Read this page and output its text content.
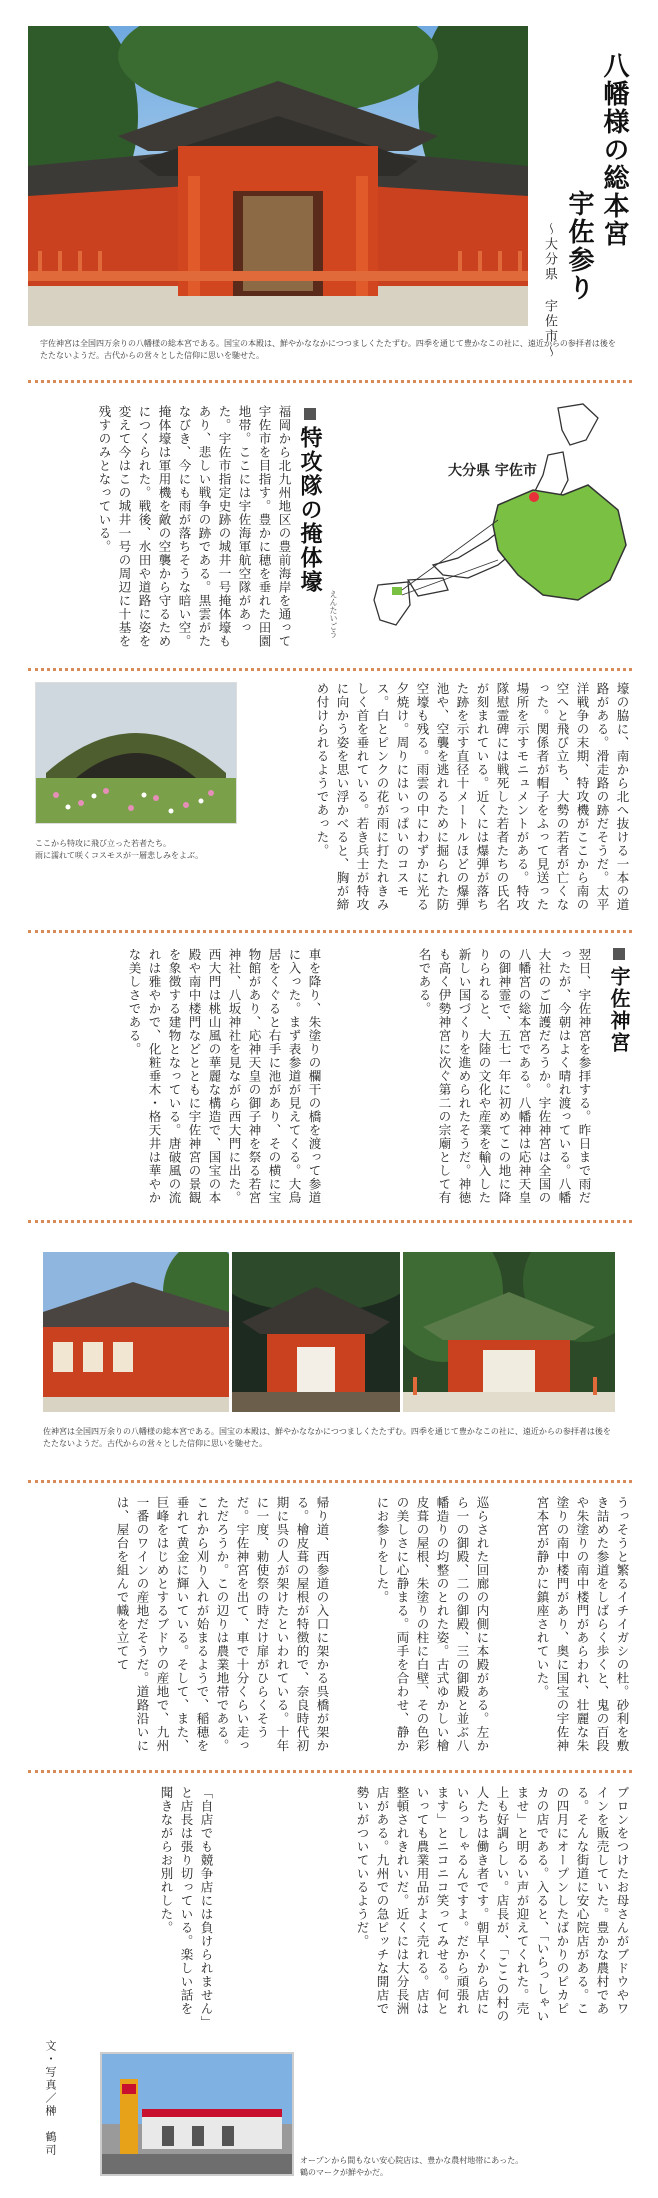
八幡様の総本宮
宇佐参り
〜大分県 宇佐市〜
宇佐神宮は全国四万余りの八幡様の総本宮である。国宝の本殿は、鮮やかななかにつつましくたたずむ。四季を通じて豊かなこの社に、遠近からの参拝者は後をたたないようだ。古代からの営々とした信仰に思いを馳せた。
大分県 宇佐市
特攻隊の掩体壕
えんたいごう
福岡から北九州地区の豊前海岸を通って宇佐市を目指す。豊かに穂を垂れた田園地帯。ここには宇佐海軍航空隊があった。宇佐市指定史跡の城井一号掩体壕もあり、悲しい戦争の跡である。黒雲がたなびき、今にも雨が落ちそうな暗い空。掩体壕は軍用機を敵の空襲から守るためにつくられた。戦後、水田や道路に姿を変えて今はこの城井一号の周辺に十基を残すのみとなっている。
ここから特攻に飛び立った若者たち。
雨に濡れて咲くコスモスが一層悲しみをよぶ。	壕の脇に、南から北へ抜ける一本の道路がある。滑走路の跡だそうだ。太平洋戦争の末期、特攻機がここから南の空へと飛び立ち、大勢の若者が亡くなった。関係者が帽子をふって見送った場所を示すモニュメントがある。特攻隊慰霊碑には戦死した若者たちの氏名が刻まれている。近くには爆弾が落ちた跡を示す直径十メートルほどの爆弾池や、空襲を逃れるために掘られた防空壕も残る。雨雲の中にわずかに光る夕焼け。周りにはいっぱいのコスモス。白とピンクの花が雨に打たれきみしく首を垂れている。若き兵士が特攻に向かう姿を思い浮かべると、胸が締め付けられるようであった。
宇佐神宮
翌日、宇佐神宮を参拝する。昨日まで雨だったが、今朝はよく晴れ渡っている。八幡大社のご加護だろうか。宇佐神宮は全国の八幡宮の総本宮である。八幡神は応神天皇の御神霊で、五七一年に初めてこの地に降りられると、大陸の文化や産業を輸入した新しい国づくりを進められたそうだ。神徳も高く伊勢神宮に次ぐ第二の宗廟として有名である。
車を降り、朱塗りの欄干の橋を渡って参道に入った。まず表参道が見えてくる。大鳥居をくぐると右手に池があり、その横に宝物館があり、応神天皇の御子神を祭る若宮神社、八坂神社を見ながら西大門に出た。西大門は桃山風の華麗な構造で、国宝の本殿や南中楼門などとともに宇佐神宮の景観を象徴する建物となっている。唐破風の流れは雅やかで、化粧垂木・格天井は華やかな美しさである。
佐神宮は全国四万余りの八幡様の総本宮である。国宝の本殿は、鮮やかななかにつつましくたたずむ。四季を通じて豊かなこの社に、遠近からの参拝者は後をたたないようだ。古代からの営々とした信仰に思いを馳せた。
うっそうと繁るイチイガシの杜。砂利を敷き詰めた参道をしばらく歩くと、鬼の百段や朱塗りの南中楼門があらわれ、壮麗な朱塗りの南中楼門があり、奥に国宝の宇佐神宮本宮が静かに鎮座されていた。
巡らされた回廊の内側に本殿がある。左から一の御殿、二の御殿、三の御殿と並ぶ八幡造りの均整のとれた姿。古式ゆかしい檜皮葺の屋根、朱塗りの柱に白壁、その色彩の美しさに心静まる。両手を合わせ、静かにお参りをした。
帰り道、西参道の入口に架かる呉橋が架かる。檜皮葺の屋根が特徴的で、奈良時代初期に呉の人が架けたといわれている。十年に一度、勅使祭の時だけ扉がひらくそうだ。宇佐神宮を出て、車で十分くらい走っただろうか。この辺りは農業地帯である。これから刈り入れが始まるようで、稲穂を垂れて黄金に輝いている。そして、また、巨峰をはじめとするブドウの産地で、九州一番のワインの産地だそうだ。道路沿いには、屋台を組んで幟を立てて
ブロンをつけたお母さんがブドウやワインを販売していた。豊かな農村である。そんな街道に安心院店がある。この四月にオープンしたばかりのピカピカの店である。入ると、「いらっしゃいませ」と明るい声が迎えてくれた。売上も好調らしい。店長が、「ここの村の人たちは働き者です。朝早くから店にいらっしゃるんですよ。だから頑張れます」とニコニコ笑ってみせる。何といっても農業用品がよく売れる。店は整頓されきれいだ。近くには大分長洲店がある。九州での急ピッチな開店で勢いがついているようだ。
「自店でも競争店には負けられません」と店長は張り切っている。楽しい話を聞きながらお別れした。
文・写真／榊　鶴司
オープンから間もない安心院店は、豊かな農村地帯にあった。
鶴のマークが鮮やかだ。
